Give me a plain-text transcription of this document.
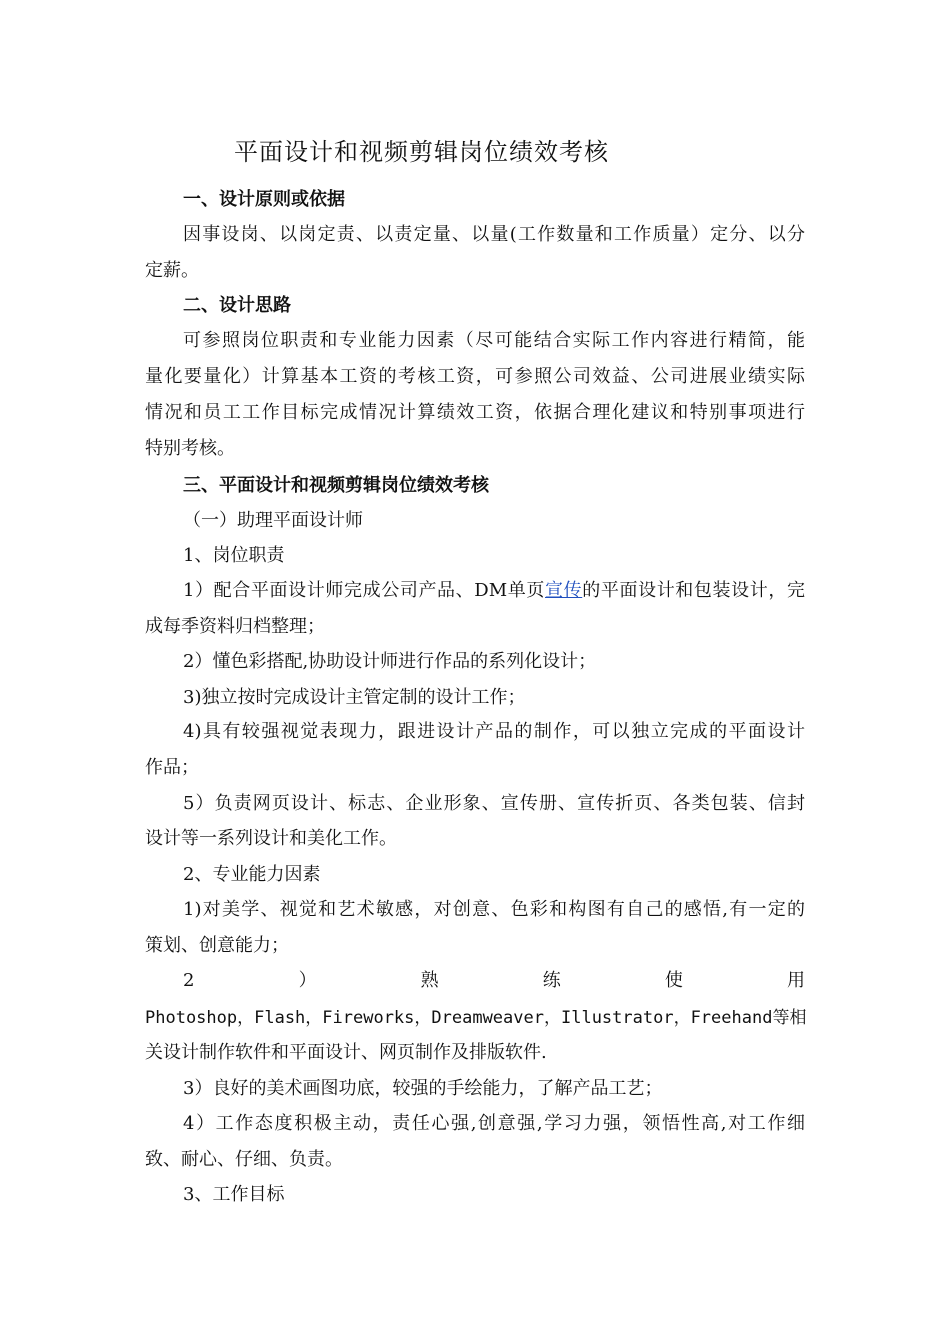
平面设计和视频剪辑岗位绩效考核
一、设计原则或依据
因事设岗、以岗定责、以责定量、以量(工作数量和工作质量）定分、以分
定薪。
二、设计思路
可参照岗位职责和专业能力因素（尽可能结合实际工作内容进行精简，能
量化要量化）计算基本工资的考核工资，可参照公司效益、公司进展业绩实际
情况和员工工作目标完成情况计算绩效工资，依据合理化建议和特别事项进行
特别考核。
三、平面设计和视频剪辑岗位绩效考核
（一）助理平面设计师
1、岗位职责
1）配合平面设计师完成公司产品、DM单页宣传的平面设计和包装设计，完
成每季资料归档整理；
2）懂色彩搭配,协助设计师进行作品的系列化设计；
3)独立按时完成设计主管定制的设计工作；
4)具有较强视觉表现力，跟进设计产品的制作，可以独立完成的平面设计
作品；
5）负责网页设计、标志、企业形象、宣传册、宣传折页、各类包装、信封
设计等一系列设计和美化工作。
2、专业能力因素
1)对美学、视觉和艺术敏感，对创意、色彩和构图有自己的感悟,有一定的
策划、创意能力；
2	）	熟	练	使	用
Photoshop，Flash，Fireworks，Dreamweaver，Illustrator，Freehand等相
关设计制作软件和平面设计、网页制作及排版软件.
3）良好的美术画图功底，较强的手绘能力，了解产品工艺；
4）工作态度积极主动，责任心强,创意强,学习力强，领悟性高,对工作细
致、耐心、仔细、负责。
3、工作目标
